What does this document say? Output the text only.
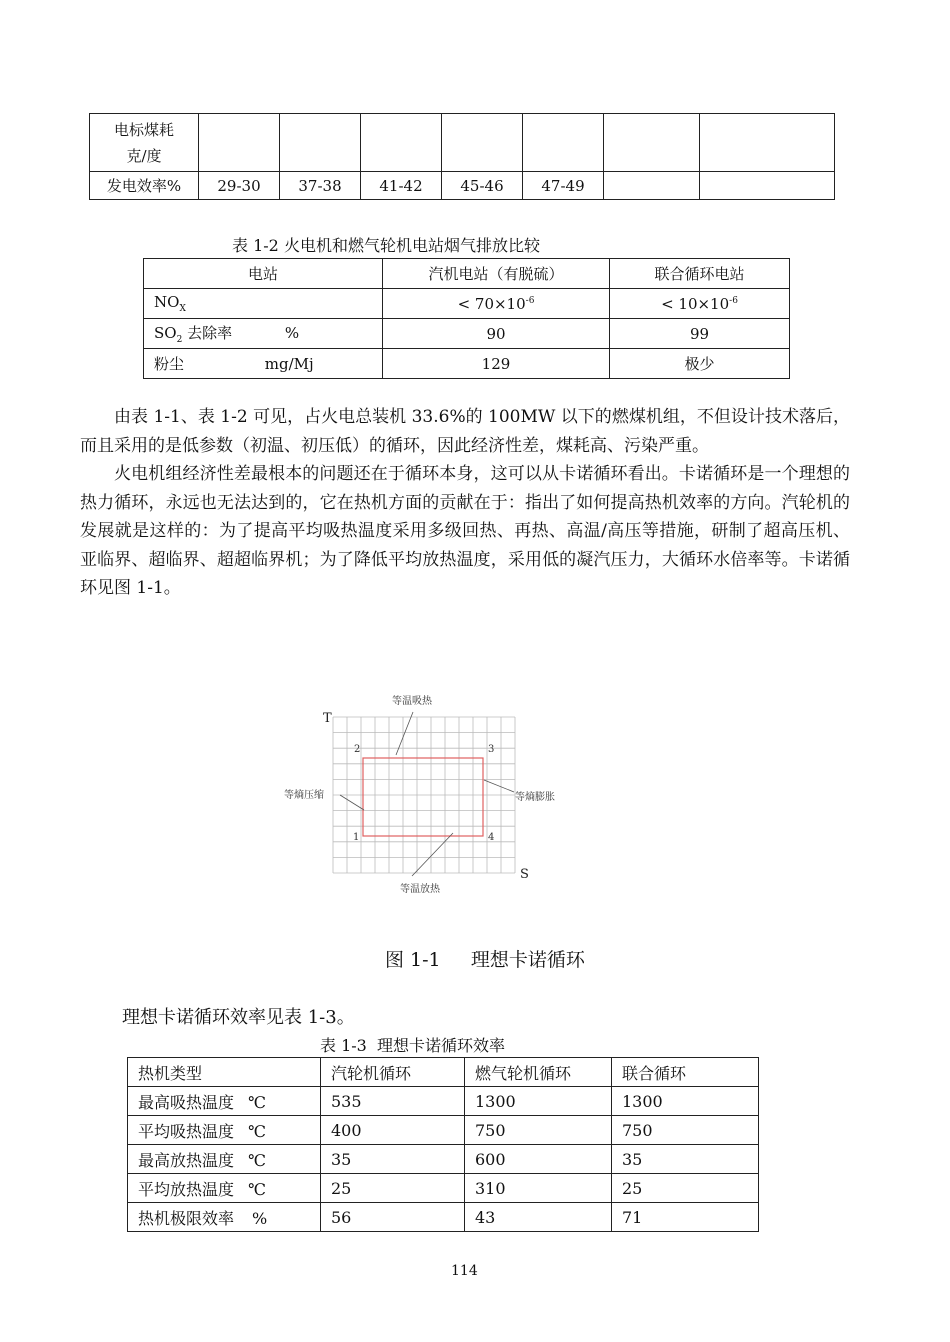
电标煤耗
克/度							
发电效率%	29-30	37-38	41-42	45-46	47-49		
表 1-2 火电机和燃气轮机电站烟气排放比较
电站	汽机电站（有脱硫）	联合循环电站
$NO_X$	< $70\times 10^{-6}$	< $10\times 10^{-6}$
$SO_2$ 去除率 %	90	99
粉尘 mg/Mj	129	极少

由表 1-1、表 1-2 可见，占火电总装机 33.6%的 100MW 以下的燃煤机组，不但设计技术落后，而且采用的是低参数（初温、初压低）的循环，因此经济性差，煤耗高、污染严重。

火电机组经济性差最根本的问题还在于循环本身，这可以从卡诺循环看出。卡诺循环是一个理想的热力循环，永远也无法达到的，它在热机方面的贡献在于：指出了如何提高热机效率的方向。汽轮机的发展就是这样的：为了提高平均吸热温度采用多级回热、再热、高温/高压等措施，研制了超高压机、亚临界、超临界、超超临界机；为了降低平均放热温度，采用低的凝汽压力，大循环水倍率等。卡诺循环见图 1-1。

T
S
等温吸热
等熵压缩	等熵膨胀
等温放热
1
2	3
4
图 1-1     理想卡诺循环
理想卡诺循环效率见表 1-3。
表 1-3  理想卡诺循环效率
热机类型	汽轮机循环	燃气轮机循环	联合循环
最高吸热温度 ℃	535	1300	1300
平均吸热温度 ℃	400	750	750
最高放热温度 ℃	35	600	35
平均放热温度 ℃	25	310	25
热机极限效率 %	56	43	71
114
